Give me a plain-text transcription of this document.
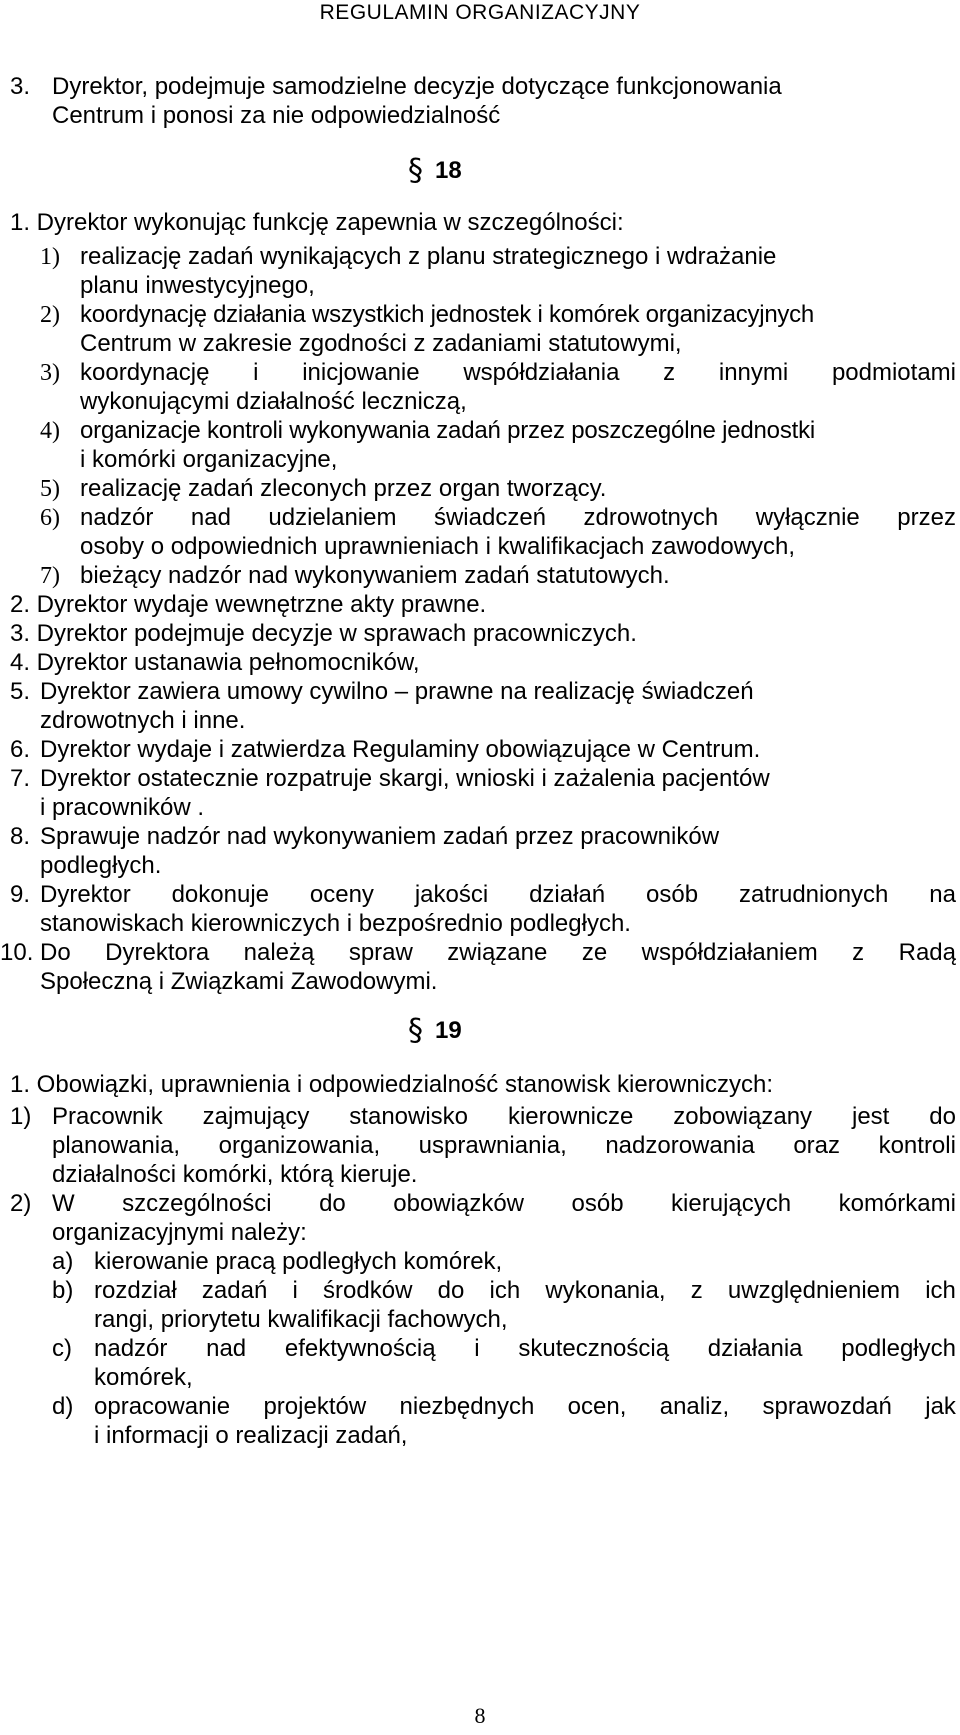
REGULAMIN ORGANIZACYJNY
3. Dyrektor, podejmuje samodzielne decyzje dotyczące funkcjonowania
Centrum i ponosi za nie odpowiedzialność
§ 18
1. Dyrektor wykonując funkcję zapewnia w szczególności:
1) realizację zadań wynikających z planu strategicznego i wdrażanie
planu inwestycyjnego,
2) koordynację działania wszystkich jednostek i komórek organizacyjnych
Centrum w zakresie zgodności z zadaniami statutowymi,
3) koordynację i inicjowanie współdziałania z innymi podmiotami
wykonującymi działalność leczniczą,
4) organizacje kontroli wykonywania zadań przez poszczególne jednostki
i komórki organizacyjne,
5) realizację zadań zleconych przez organ tworzący.
6) nadzór nad udzielaniem świadczeń zdrowotnych wyłącznie przez
osoby o odpowiednich uprawnieniach i kwalifikacjach zawodowych,
7) bieżący nadzór nad wykonywaniem zadań statutowych.
2. Dyrektor wydaje wewnętrzne akty prawne.
3. Dyrektor podejmuje decyzje w sprawach pracowniczych.
4. Dyrektor ustanawia pełnomocników,
5. Dyrektor zawiera umowy cywilno – prawne na realizację świadczeń
zdrowotnych i inne.
6. Dyrektor wydaje i zatwierdza Regulaminy obowiązujące w Centrum.
7. Dyrektor ostatecznie rozpatruje skargi, wnioski i zażalenia pacjentów
i pracowników .
8. Sprawuje nadzór nad wykonywaniem zadań przez pracowników
podległych.
9. Dyrektor dokonuje oceny jakości działań osób zatrudnionych na
stanowiskach kierowniczych i bezpośrednio podległych.
10. Do Dyrektora należą spraw związane ze współdziałaniem z Radą
Społeczną i Związkami Zawodowymi.
§ 19
1. Obowiązki, uprawnienia i odpowiedzialność stanowisk kierowniczych:
1) Pracownik zajmujący stanowisko kierownicze zobowiązany jest do
planowania, organizowania, usprawniania, nadzorowania oraz kontroli
działalności komórki, którą kieruje.
2) W szczególności do obowiązków osób kierujących komórkami
organizacyjnymi należy:
a) kierowanie pracą podległych komórek,
b) rozdział zadań i środków do ich wykonania, z uwzględnieniem ich
rangi, priorytetu kwalifikacji fachowych,
c) nadzór nad efektywnością i skutecznością działania podległych
komórek,
d) opracowanie projektów niezbędnych ocen, analiz, sprawozdań jak
i informacji o realizacji zadań,
8
